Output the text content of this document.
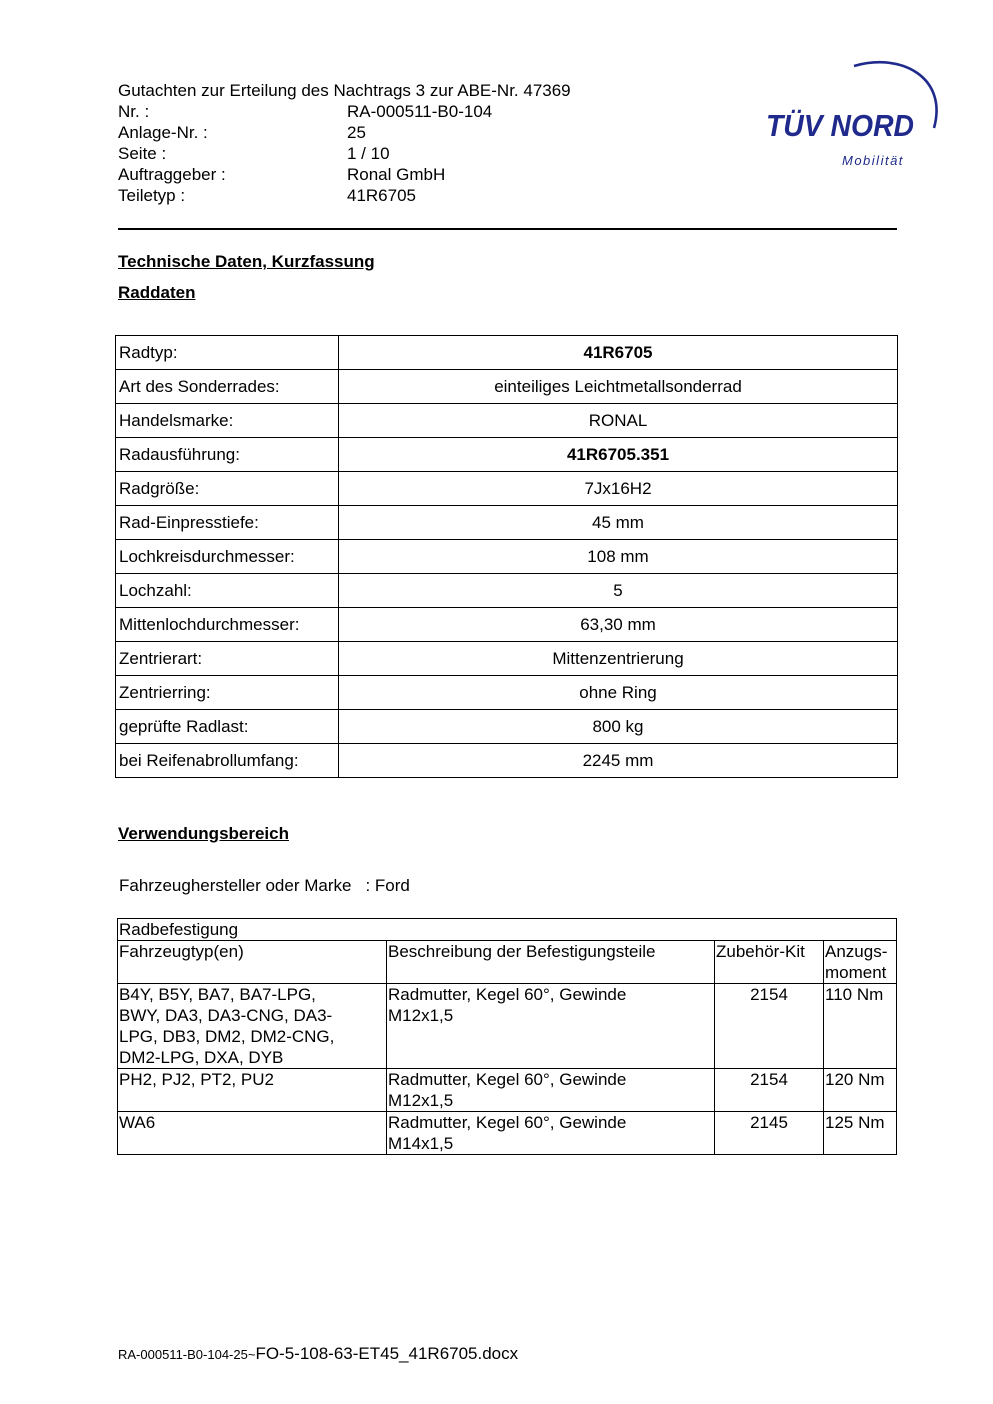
Gutachten zur Erteilung des Nachtrags 3 zur ABE-Nr. 47369
Nr. :	RA-000511-B0-104
Anlage-Nr. :	25
Seite :	1 / 10
Auftraggeber :	Ronal GmbH
Teiletyp :	41R6705
TÜV NORD
Mobilität
Technische Daten, Kurzfassung
Raddaten
Radtyp:	41R6705
Art des Sonderrades:	einteiliges Leichtmetallsonderrad
Handelsmarke:	RONAL
Radausführung:	41R6705.351
Radgröße:	7Jx16H2
Rad-Einpresstiefe:	45 mm
Lochkreisdurchmesser:	108 mm
Lochzahl:	5
Mittenlochdurchmesser:	63,30 mm
Zentrierart:	Mittenzentrierung
Zentrierring:	ohne Ring
geprüfte Radlast:	800 kg
bei Reifenabrollumfang:	2245 mm
Verwendungsbereich
Fahrzeughersteller oder Marke : Ford
Radbefestigung			
Fahrzeugtyp(en)	Beschreibung der Befestigungsteile	Zubehör-Kit	Anzugs-
moment
B4Y, B5Y, BA7, BA7-LPG,
BWY, DA3, DA3-CNG, DA3-
LPG, DB3, DM2, DM2-CNG,
DM2-LPG, DXA, DYB	Radmutter, Kegel 60°, Gewinde
M12x1,5	2154	110 Nm
PH2, PJ2, PT2, PU2	Radmutter, Kegel 60°, Gewinde
M12x1,5	2154	120 Nm
WA6	Radmutter, Kegel 60°, Gewinde
M14x1,5	2145	125 Nm
RA-000511-B0-104-25~FO-5-108-63-ET45_41R6705.docx
